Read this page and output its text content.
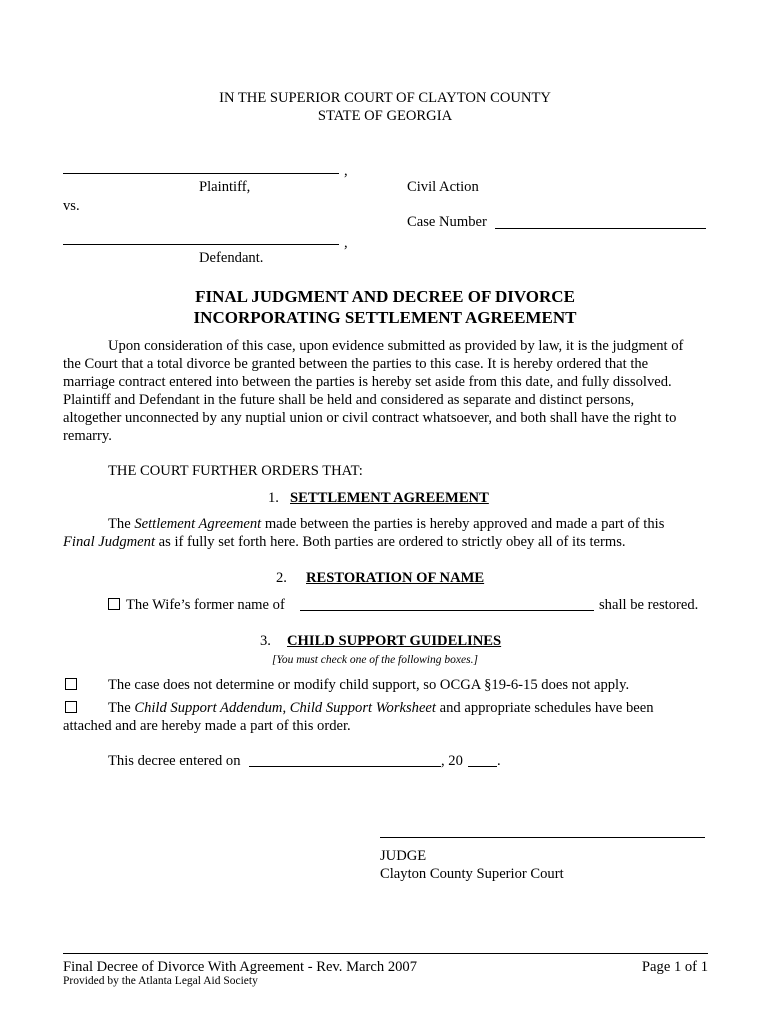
IN THE SUPERIOR COURT OF CLAYTON COUNTY
STATE OF GEORGIA
,
Plaintiff,	Civil Action
vs.
Case Number
,
Defendant.
FINAL JUDGMENT AND DECREE OF DIVORCE
INCORPORATING SETTLEMENT AGREEMENT
Upon consideration of this case, upon evidence submitted as provided by law, it is the judgment of
the Court that a total divorce be granted between the parties to this case. It is hereby ordered that the
marriage contract entered into between the parties is hereby set aside from this date, and fully dissolved.
Plaintiff and Defendant in the future shall be held and considered as separate and distinct persons,
altogether unconnected by any nuptial union or civil contract whatsoever, and both shall have the right to
remarry.
THE COURT FURTHER ORDERS THAT:
1. SETTLEMENT AGREEMENT
The Settlement Agreement made between the parties is hereby approved and made a part of this
Final Judgment as if fully set forth here. Both parties are ordered to strictly obey all of its terms.
2. RESTORATION OF NAME
The Wife’s former name of	shall be restored.
3. CHILD SUPPORT GUIDELINES
[You must check one of the following boxes.]
The case does not determine or modify child support, so OCGA §19-6-15 does not apply.
The Child Support Addendum, Child Support Worksheet and appropriate schedules have been
attached and are hereby made a part of this order.
This decree entered on	, 20 .
JUDGE
Clayton County Superior Court
Final Decree of Divorce With Agreement - Rev. March 2007	Page 1 of 1
Provided by the Atlanta Legal Aid Society
